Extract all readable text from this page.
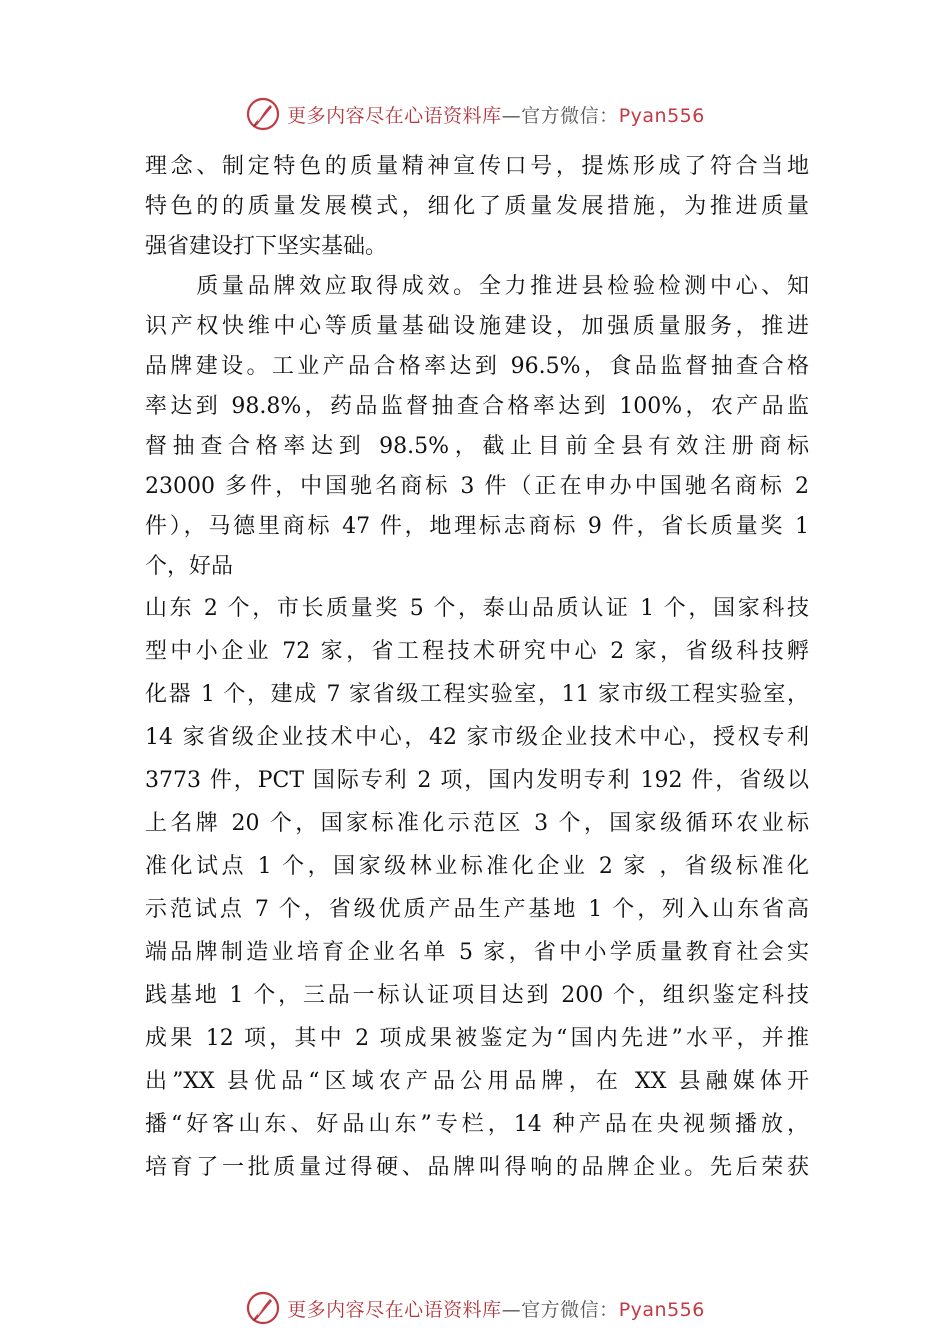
更多内容尽在心语资料库—官方微信：Pyan556
理念、制定特色的质量精神宣传口号，提炼形成了符合当地
特色的的质量发展模式，细化了质量发展措施，为推进质量
强省建设打下坚实基础。
　　质量品牌效应取得成效。全力推进县检验检测中心、知
识产权快维中心等质量基础设施建设，加强质量服务，推进
品牌建设。工业产品合格率达到 96.5%，食品监督抽查合格
率达到 98.8%，药品监督抽查合格率达到 100%，农产品监
督抽查合格率达到 98.5%，截止目前全县有效注册商标
23000 多件，中国驰名商标 3 件（正在申办中国驰名商标 2
件），马德里商标 47 件，地理标志商标 9 件，省长质量奖 1
个，好品
山东 2 个，市长质量奖 5 个，泰山品质认证 1 个，国家科技
型中小企业 72 家，省工程技术研究中心 2 家，省级科技孵
化器 1 个，建成 7 家省级工程实验室，11 家市级工程实验室，
14 家省级企业技术中心，42 家市级企业技术中心，授权专利
3773 件，PCT 国际专利 2 项，国内发明专利 192 件，省级以
上名牌 20 个，国家标准化示范区 3 个，国家级循环农业标
准化试点 1 个，国家级林业标准化企业 2 家 ，省级标准化
示范试点 7 个，省级优质产品生产基地 1 个，列入山东省高
端品牌制造业培育企业名单 5 家，省中小学质量教育社会实
践基地 1 个，三品一标认证项目达到 200 个，组织鉴定科技
成果 12 项，其中 2 项成果被鉴定为“国内先进”水平，并推
出”XX 县优品“区域农产品公用品牌，在 XX 县融媒体开
播“好客山东、好品山东”专栏，14 种产品在央视频播放，
培育了一批质量过得硬、品牌叫得响的品牌企业。先后荣获
更多内容尽在心语资料库—官方微信：Pyan556
